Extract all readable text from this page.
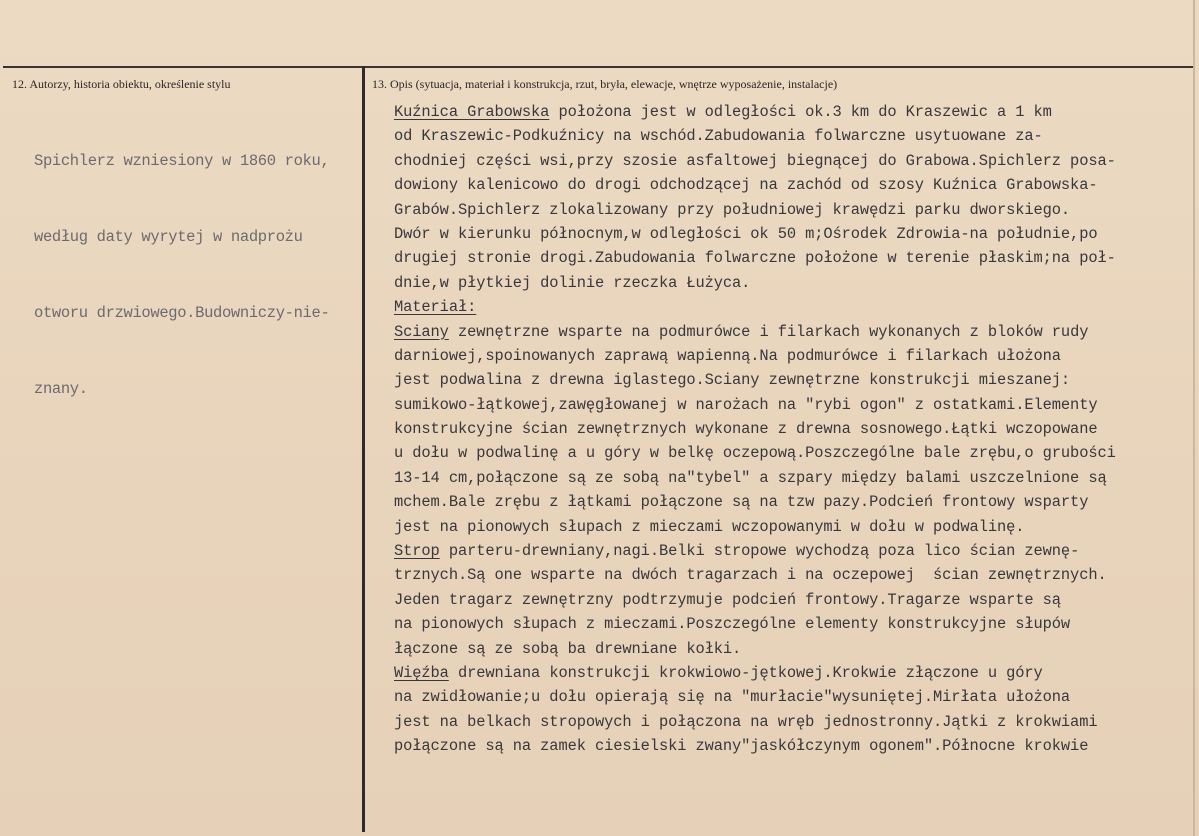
12. Autorzy, historia obiektu, określenie stylu	13. Opis (sytuacja, materiał i konstrukcja, rzut, bryła, elewacje, wnętrze wyposażenie, instalacje)

Spichlerz wzniesiony w 1860 roku,

według daty wyrytej w nadprożu

otworu drzwiowego.Budowniczy-nie-

znany.

Kuźnica Grabowska położona jest w odległości ok.3 km do Kraszewic a 1 km
od Kraszewic-Podkuźnicy na wschód.Zabudowania folwarczne usytuowane za-
chodniej części wsi,przy szosie asfaltowej biegnącej do Grabowa.Spichlerz posa-
dowiony kalenicowo do drogi odchodzącej na zachód od szosy Kuźnica Grabowska-
Grabów.Spichlerz zlokalizowany przy południowej krawędzi parku dworskiego.
Dwór w kierunku północnym,w odległości ok 50 m;Ośrodek Zdrowia-na południe,po
drugiej stronie drogi.Zabudowania folwarczne położone w terenie płaskim;na poł-
dnie,w płytkiej dolinie rzeczka Łużyca.
Materiał:
Sciany zewnętrzne wsparte na podmurówce i filarkach wykonanych z bloków rudy
darniowej,spoinowanych zaprawą wapienną.Na podmurówce i filarkach ułożona
jest podwalina z drewna iglastego.Sciany zewnętrzne konstrukcji mieszanej:
sumikowo-łątkowej,zawęgłowanej w narożach na "rybi ogon" z ostatkami.Elementy
konstrukcyjne ścian zewnętrznych wykonane z drewna sosnowego.Łątki wczopowane
u dołu w podwalinę a u góry w belkę oczepową.Poszczególne bale zrębu,o grubości
13-14 cm,połączone są ze sobą na"tybel" a szpary między balami uszczelnione są
mchem.Bale zrębu z łątkami połączone są na tzw pazy.Podcień frontowy wsparty
jest na pionowych słupach z mieczami wczopowanymi w dołu w podwalinę.
Strop parteru-drewniany,nagi.Belki stropowe wychodzą poza lico ścian zewnę-
trznych.Są one wsparte na dwóch tragarzach i na oczepowej  ścian zewnętrznych.
Jeden tragarz zewnętrzny podtrzymuje podcień frontowy.Tragarze wsparte są
na pionowych słupach z mieczami.Poszczególne elementy konstrukcyjne słupów
łączone są ze sobą ba drewniane kołki.
Więźba drewniana konstrukcji krokwiowo-jętkowej.Krokwie złączone u góry
na zwidłowanie;u dołu opierają się na "murłacie"wysuniętej.Mirłata ułożona
jest na belkach stropowych i połączona na wręb jednostronny.Jątki z krokwiami
połączone są na zamek ciesielski zwany"jaskółczynym ogonem".Północne krokwie
